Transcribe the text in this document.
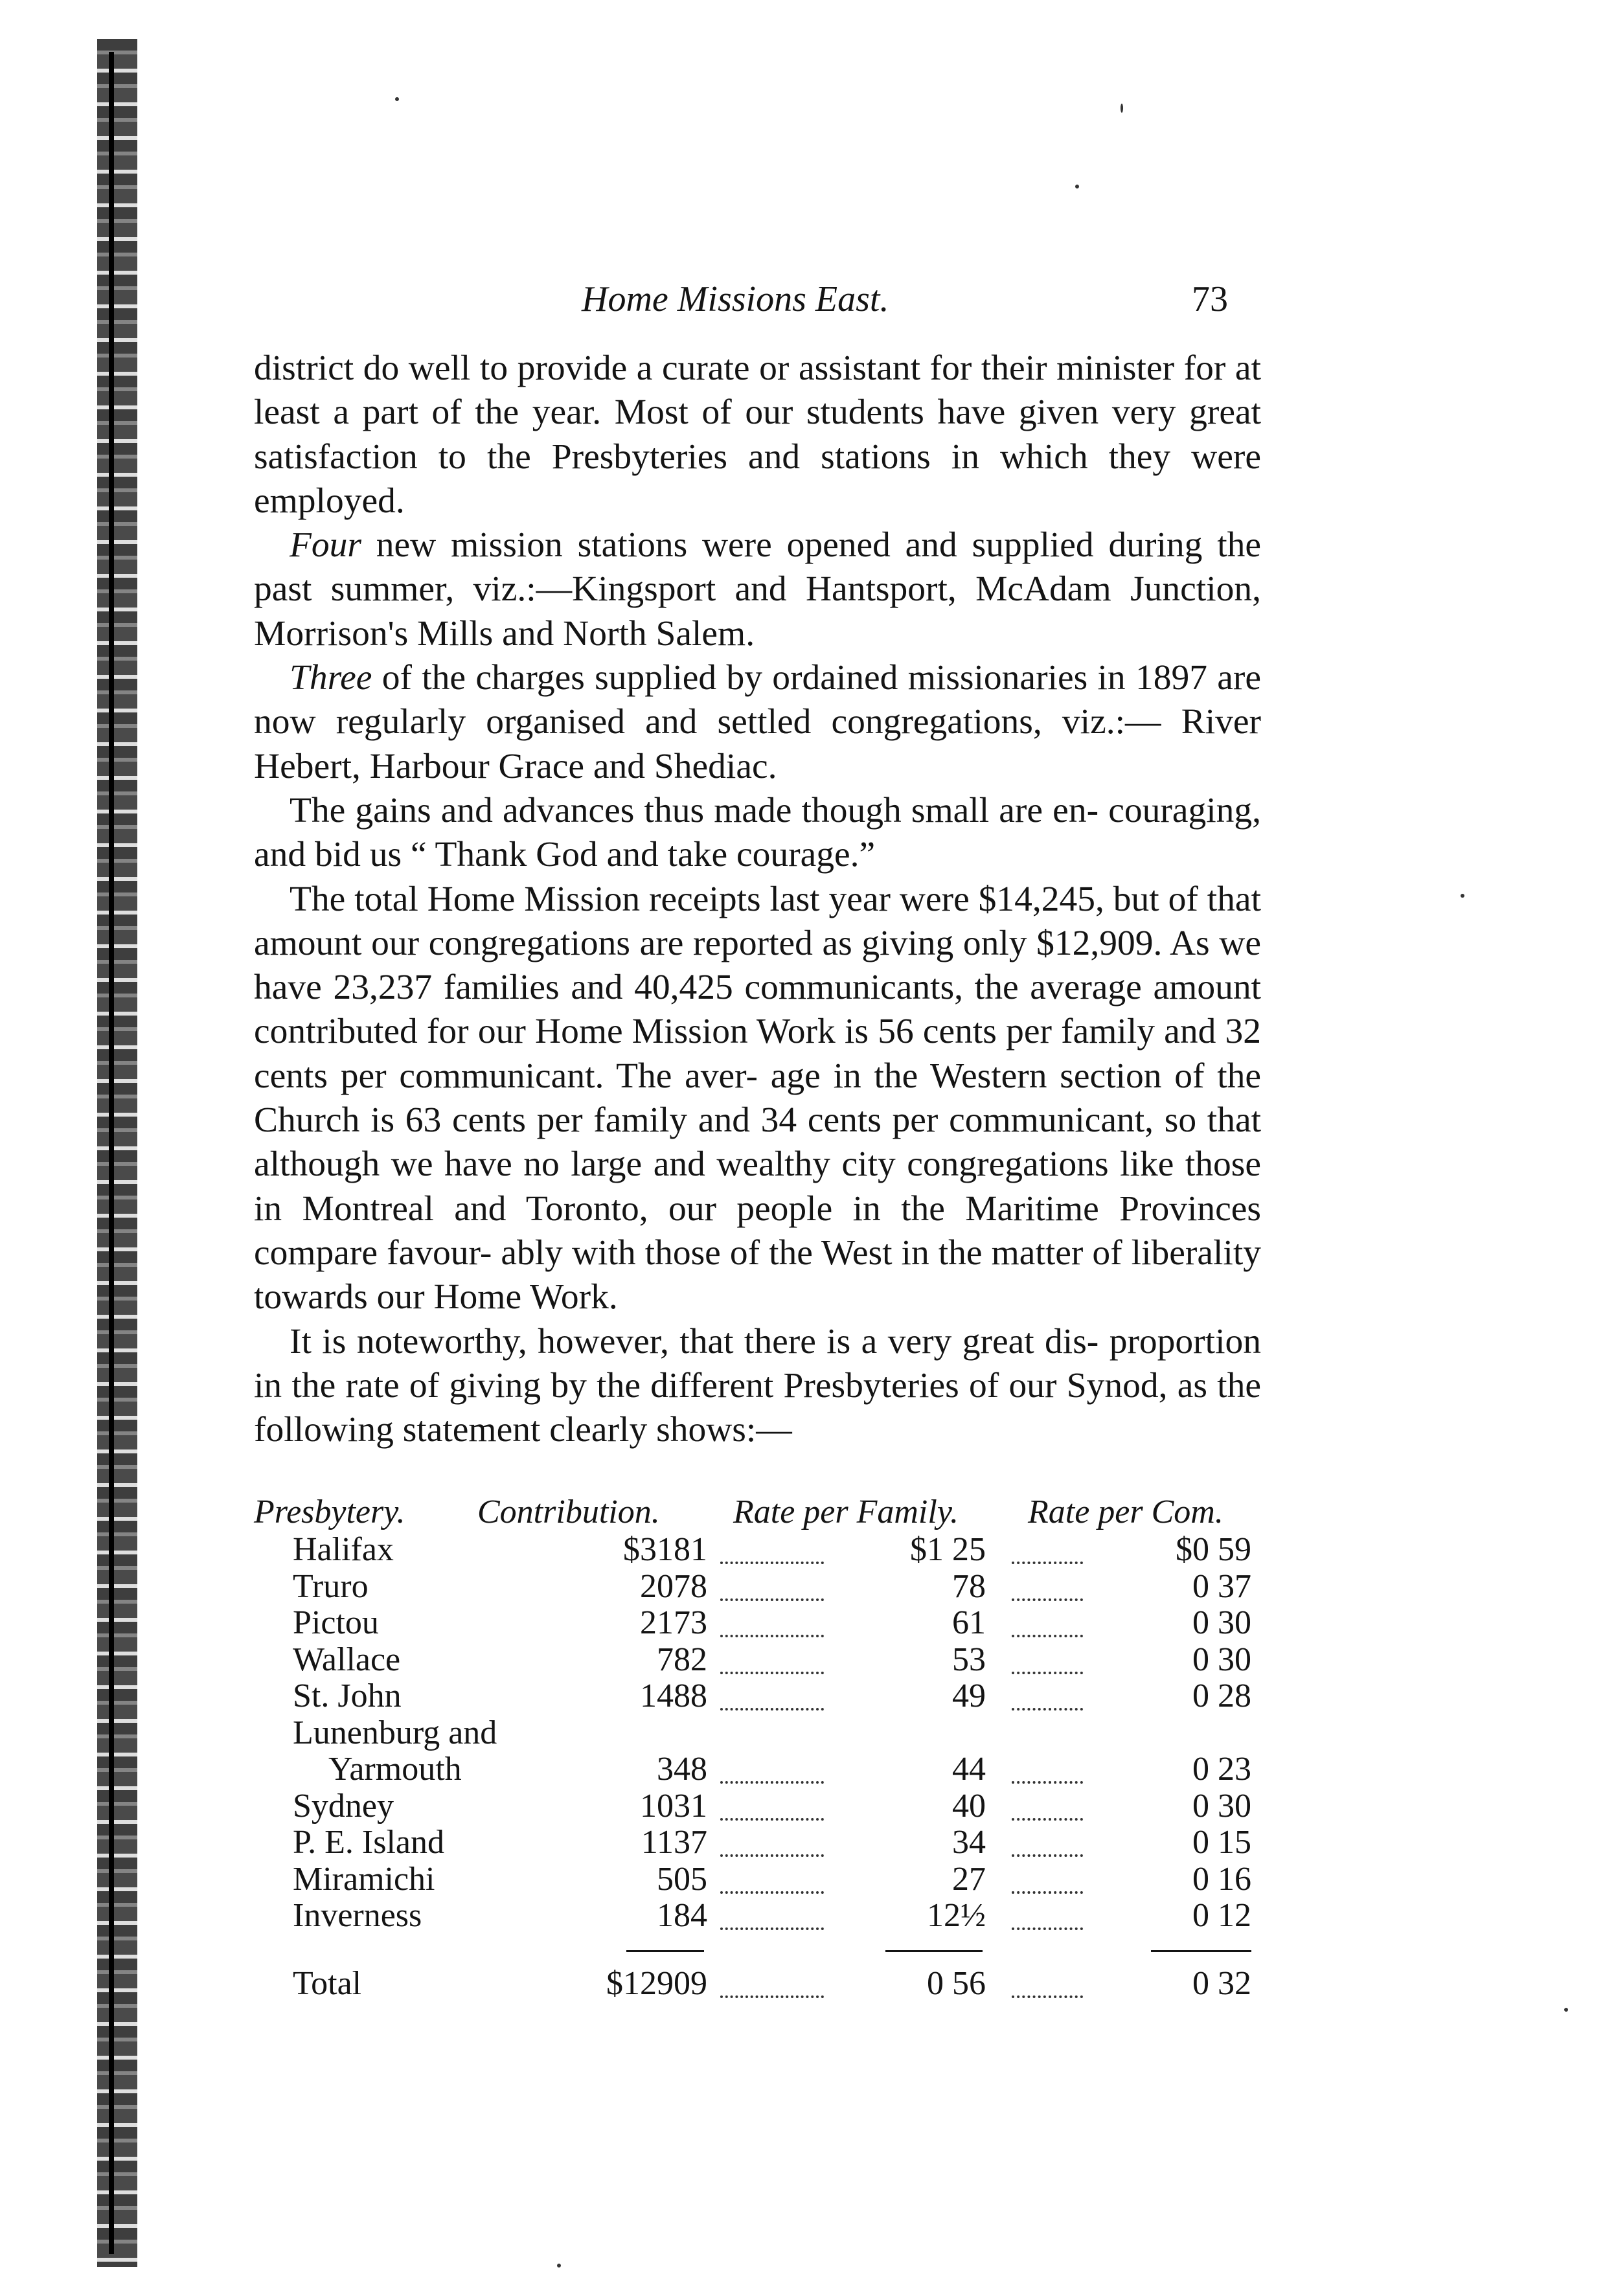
Home Missions East.	73

district do well to provide a curate or assistant for their minister for at least a part of the year. Most of our students have given very great satisfaction to the Presbyteries and stations in which they were employed.

Four new mission stations were opened and supplied during the past summer, viz.:—Kingsport and Hantsport, McAdam Junction, Morrison's Mills and North Salem.

Three of the charges supplied by ordained missionaries in 1897 are now regularly organised and settled congregations, viz.:— River Hebert, Harbour Grace and Shediac.

The gains and advances thus made though small are en- couraging, and bid us “ Thank God and take courage.”

The total Home Mission receipts last year were $14,245, but of that amount our congregations are reported as giving only $12,909. As we have 23,237 families and 40,425 communicants, the average amount contributed for our Home Mission Work is 56 cents per family and 32 cents per communicant. The aver- age in the Western section of the Church is 63 cents per family and 34 cents per communicant, so that although we have no large and wealthy city congregations like those in Montreal and Toronto, our people in the Maritime Provinces compare favour- ably with those of the West in the matter of liberality towards our Home Work.

It is noteworthy, however, that there is a very great dis- proportion in the rate of giving by the different Presbyteries of our Synod, as the following statement clearly shows:—

Presbytery. Contribution. Rate per Family. Rate per Com.
Halifax	$3181	$1 25	$0 59
Truro	2078	78	0 37
Pictou	2173	61	0 30
Wallace	782	53	0 30
St. John	1488	49	0 28
Lunenburg and
Yarmouth	348	44	0 23
Sydney	1031	40	0 30
P. E. Island	1137	34	0 15
Miramichi	505	27	0 16
Inverness	184	12½	0 12
Total	$12909	0 56	0 32
